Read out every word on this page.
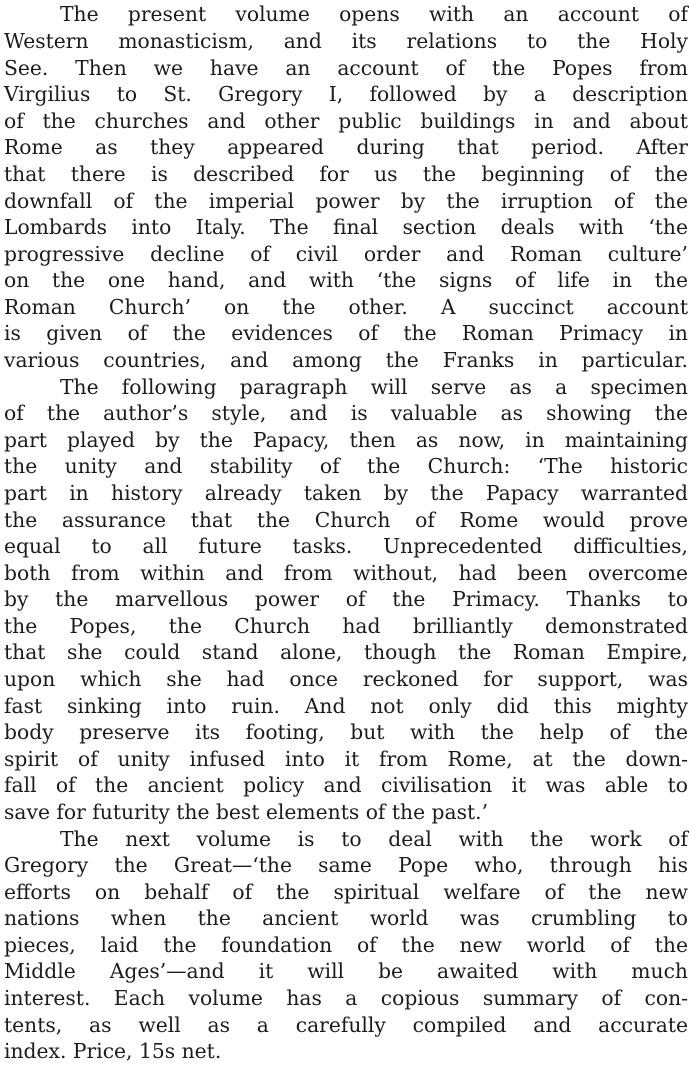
The present volume opens with an account of
Western monasticism, and its relations to the Holy
See. Then we have an account of the Popes from
Virgilius to St. Gregory I, followed by a description
of the churches and other public buildings in and about
Rome as they appeared during that period. After
that there is described for us the beginning of the
downfall of the imperial power by the irruption of the
Lombards into Italy. The final section deals with ‘the
progressive decline of civil order and Roman culture’
on the one hand, and with ‘the signs of life in the
Roman Church’ on the other. A succinct account
is given of the evidences of the Roman Primacy in
various countries, and among the Franks in particular.
The following paragraph will serve as a specimen
of the author’s style, and is valuable as showing the
part played by the Papacy, then as now, in maintaining
the unity and stability of the Church: ‘The historic
part in history already taken by the Papacy warranted
the assurance that the Church of Rome would prove
equal to all future tasks. Unprecedented difficulties,
both from within and from without, had been overcome
by the marvellous power of the Primacy. Thanks to
the Popes, the Church had brilliantly demonstrated
that she could stand alone, though the Roman Empire,
upon which she had once reckoned for support, was
fast sinking into ruin. And not only did this mighty
body preserve its footing, but with the help of the
spirit of unity infused into it from Rome, at the down-
fall of the ancient policy and civilisation it was able to
save for futurity the best elements of the past.’
The next volume is to deal with the work of
Gregory the Great—‘the same Pope who, through his
efforts on behalf of the spiritual welfare of the new
nations when the ancient world was crumbling to
pieces, laid the foundation of the new world of the
Middle Ages’—and it will be awaited with much
interest. Each volume has a copious summary of con-
tents, as well as a carefully compiled and accurate
index. Price, 15s net.
